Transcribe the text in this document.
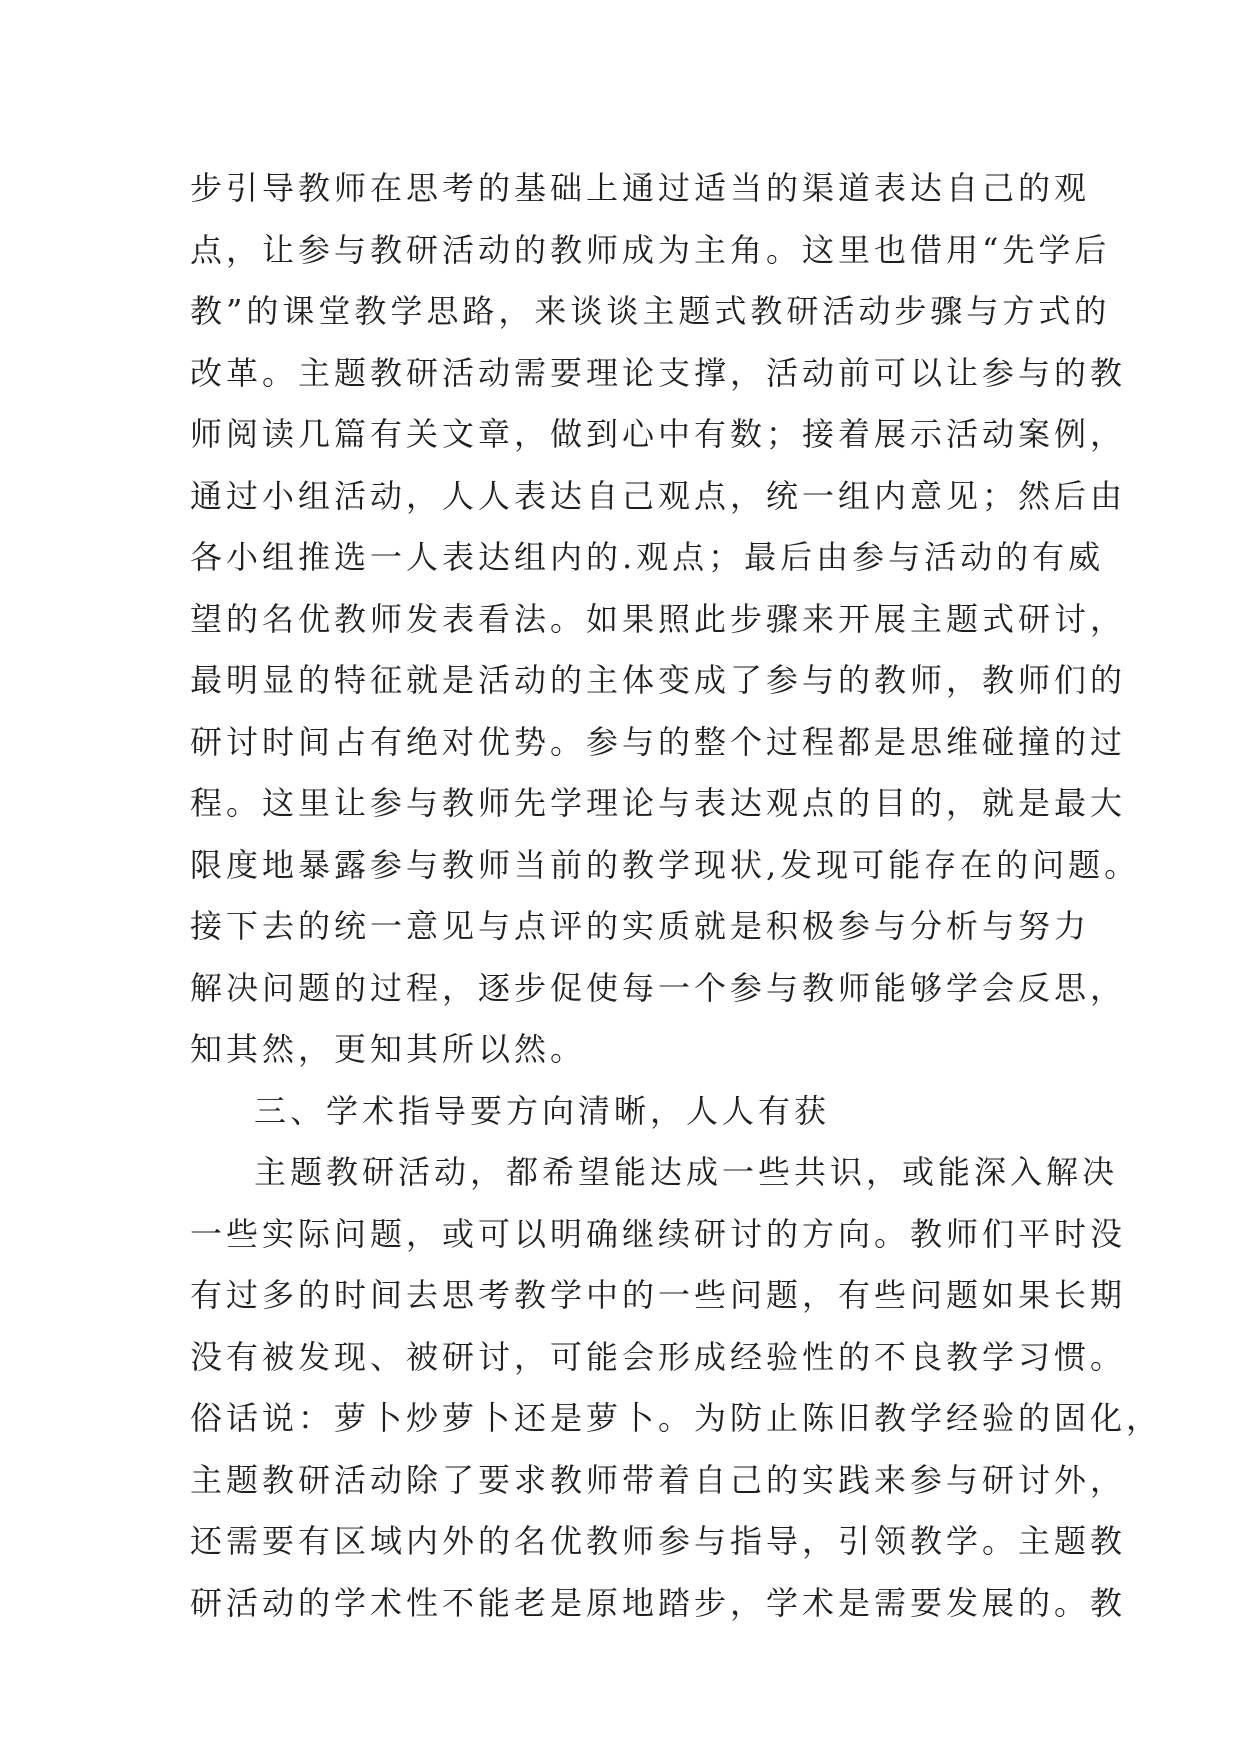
步引导教师在思考的基础上通过适当的渠道表达自己的观
点，让参与教研活动的教师成为主角。这里也借用“先学后
教”的课堂教学思路，来谈谈主题式教研活动步骤与方式的
改革。主题教研活动需要理论支撑，活动前可以让参与的教
师阅读几篇有关文章，做到心中有数；接着展示活动案例，
通过小组活动，人人表达自己观点，统一组内意见；然后由
各小组推选一人表达组内的.观点；最后由参与活动的有威
望的名优教师发表看法。如果照此步骤来开展主题式研讨，
最明显的特征就是活动的主体变成了参与的教师，教师们的
研讨时间占有绝对优势。参与的整个过程都是思维碰撞的过
程。这里让参与教师先学理论与表达观点的目的，就是最大
限度地暴露参与教师当前的教学现状,发现可能存在的问题。
接下去的统一意见与点评的实质就是积极参与分析与努力
解决问题的过程，逐步促使每一个参与教师能够学会反思，
知其然，更知其所以然。
三、学术指导要方向清晰，人人有获
主题教研活动，都希望能达成一些共识，或能深入解决
一些实际问题，或可以明确继续研讨的方向。教师们平时没
有过多的时间去思考教学中的一些问题，有些问题如果长期
没有被发现、被研讨，可能会形成经验性的不良教学习惯。
俗话说：萝卜炒萝卜还是萝卜。为防止陈旧教学经验的固化，
主题教研活动除了要求教师带着自己的实践来参与研讨外，
还需要有区域内外的名优教师参与指导，引领教学。主题教
研活动的学术性不能老是原地踏步，学术是需要发展的。教
